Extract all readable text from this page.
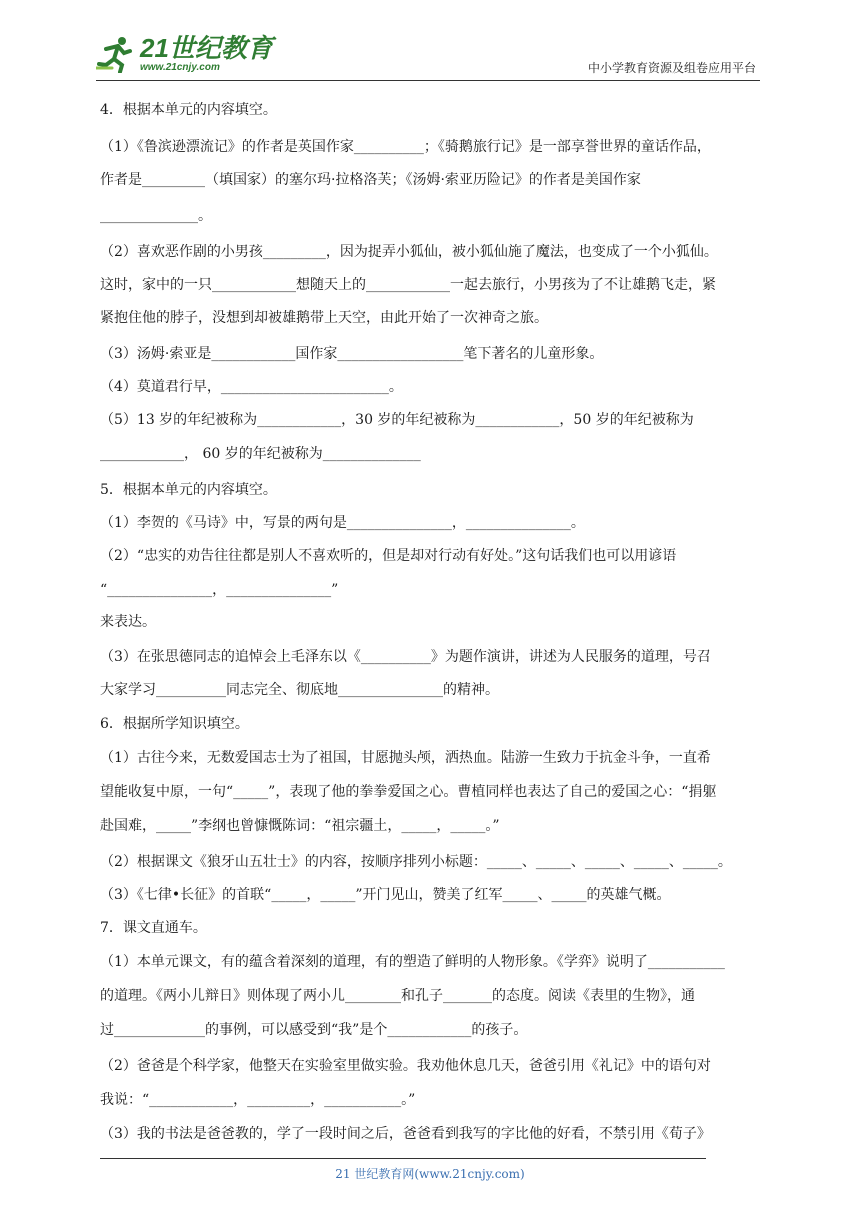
21世纪教育
www.21cnjy.com	中小学教育资源及组卷应用平台
4．根据本单元的内容填空。
（1）《鲁滨逊漂流记》的作者是英国作家__________；《骑鹅旅行记》是一部享誉世界的童话作品，
作者是_________（填国家）的塞尔玛·拉格洛芙；《汤姆·索亚历险记》的作者是美国作家
______________。
（2）喜欢恶作剧的小男孩_________，因为捉弄小狐仙，被小狐仙施了魔法，也变成了一个小狐仙。
这时，家中的一只____________想随天上的____________一起去旅行，小男孩为了不让雄鹅飞走，紧
紧抱住他的脖子，没想到却被雄鹅带上天空，由此开始了一次神奇之旅。
（3）汤姆·索亚是____________国作家__________________笔下著名的儿童形象。
（4）莫道君行早，________________________。
（5）13 岁的年纪被称为____________，30 岁的年纪被称为____________，50 岁的年纪被称为
____________， 60 岁的年纪被称为______________
5．根据本单元的内容填空。
（1）李贺的《马诗》中，写景的两句是_______________，_______________。
（2）“忠实的劝告往往都是别人不喜欢听的，但是却对行动有好处。”这句话我们也可以用谚语
“_______________，_______________”
来表达。
（3）在张思德同志的追悼会上毛泽东以《__________》为题作演讲，讲述为人民服务的道理，号召
大家学习__________同志完全、彻底地_______________的精神。
6．根据所学知识填空。
（1）古往今来，无数爱国志士为了祖国，甘愿抛头颅，洒热血。陆游一生致力于抗金斗争，一直希
望能收复中原，一句“_____”，表现了他的拳拳爱国之心。曹植同样也表达了自己的爱国之心：“捐躯
赴国难，_____”李纲也曾慷慨陈词：“祖宗疆土，_____，_____。”
（2）根据课文《狼牙山五壮士》的内容，按顺序排列小标题：_____、_____、_____、_____、_____。
（3）《七律•长征》的首联“_____，_____”开门见山，赞美了红军_____、_____的英雄气概。
7．课文直通车。
（1）本单元课文，有的蕴含着深刻的道理，有的塑造了鲜明的人物形象。《学弈》说明了___________
的道理。《两小儿辩日》则体现了两小儿________和孔子_______的态度。阅读《表里的生物》，通
过_____________的事例，可以感受到“我”是个____________的孩子。
（2）爸爸是个科学家，他整天在实验室里做实验。我劝他休息几天，爸爸引用《礼记》中的语句对
我说：“____________，_________，___________。”
（3）我的书法是爸爸教的，学了一段时间之后，爸爸看到我写的字比他的好看，不禁引用《荀子》
21 世纪教育网(www.21cnjy.com)
